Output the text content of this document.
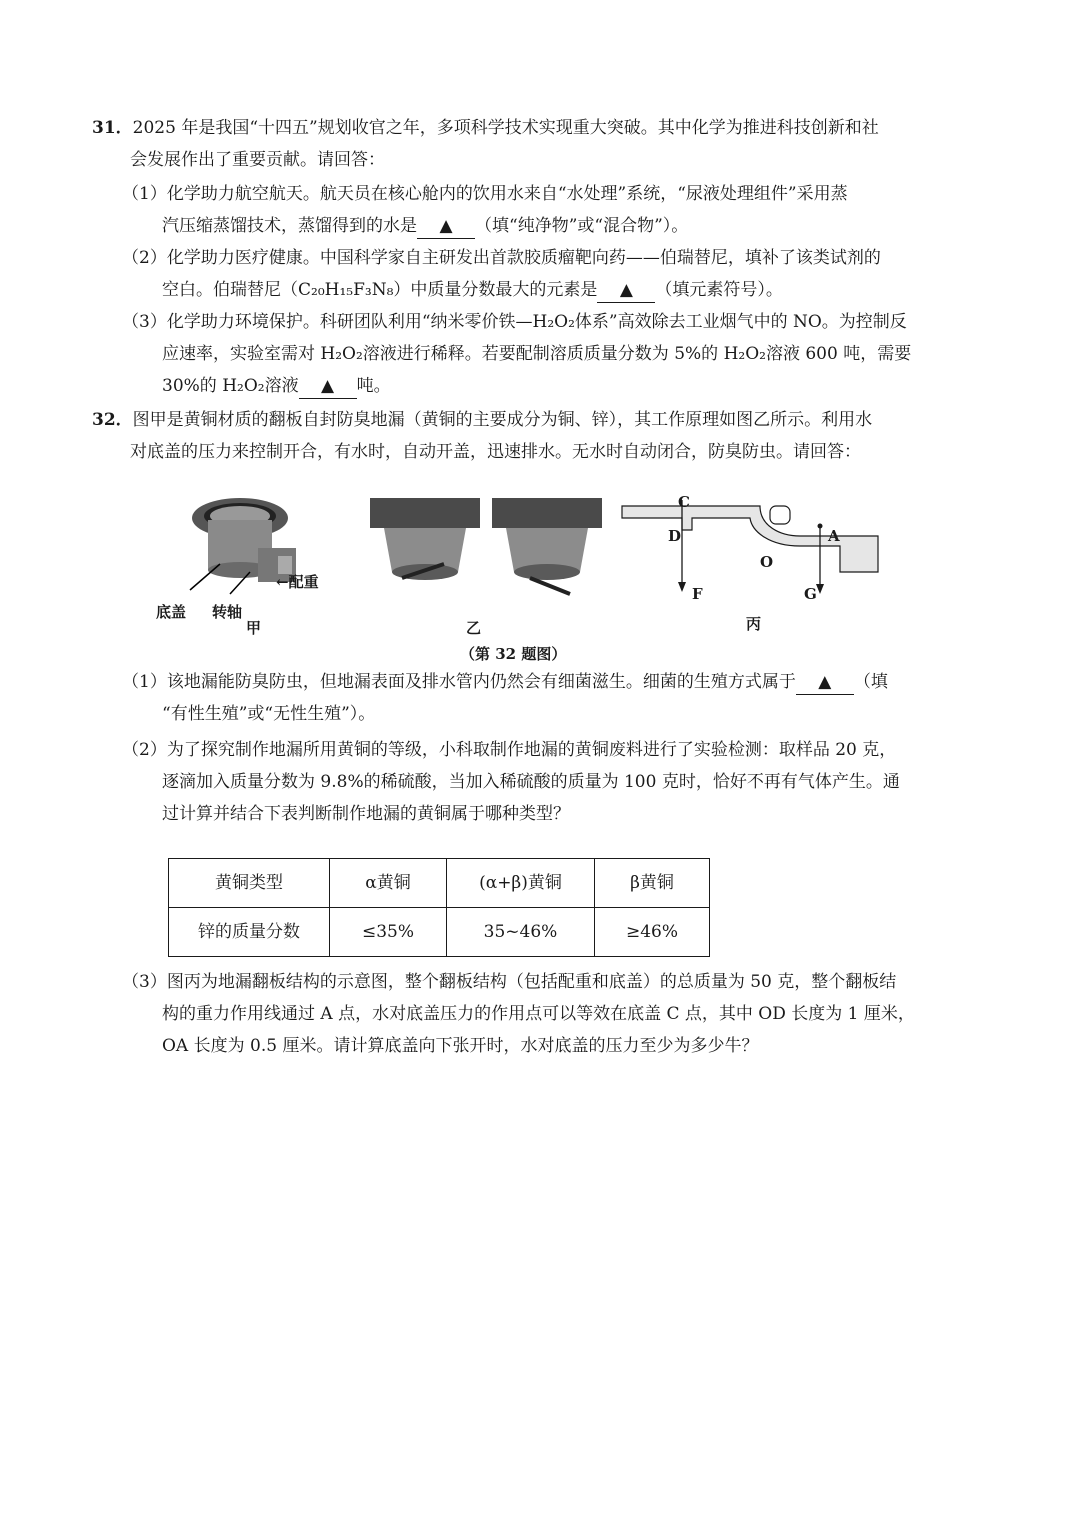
31．2025 年是我国“十四五”规划收官之年，多项科学技术实现重大突破。其中化学为推进科技创新和社

会发展作出了重要贡献。请回答：

（1）化学助力航空航天。航天员在核心舱内的饮用水来自“水处理”系统，“尿液处理组件”采用蒸
汽压缩蒸馏技术，蒸馏得到的水是 ▲ （填“纯净物”或“混合物”）。
（2）化学助力医疗健康。中国科学家自主研发出首款胶质瘤靶向药——伯瑞替尼，填补了该类试剂的
空白。伯瑞替尼（C₂₀H₁₅F₃N₈）中质量分数最大的元素是 ▲ （填元素符号）。
（3）化学助力环境保护。科研团队利用“纳米零价铁—H₂O₂体系”高效除去工业烟气中的 NO。为控制反
应速率，实验室需对 H₂O₂溶液进行稀释。若要配制溶质质量分数为 5%的 H₂O₂溶液 600 吨，需要
30%的 H₂O₂溶液 ▲ 吨。

32．图甲是黄铜材质的翻板自封防臭地漏（黄铜的主要成分为铜、锌），其工作原理如图乙所示。利用水

对底盖的压力来控制开合，有水时，自动开盖，迅速排水。无水时自动闭合，防臭防虫。请回答：

←配重
底盖 转轴
甲	乙
C
D
O
A
F	G
丙
（第 32 题图）
（1）该地漏能防臭防虫，但地漏表面及排水管内仍然会有细菌滋生。细菌的生殖方式属于 ▲ （填
“有性生殖”或“无性生殖”）。
（2）为了探究制作地漏所用黄铜的等级，小科取制作地漏的黄铜废料进行了实验检测：取样品 20 克，
逐滴加入质量分数为 9.8%的稀硫酸，当加入稀硫酸的质量为 100 克时，恰好不再有气体产生。通
过计算并结合下表判断制作地漏的黄铜属于哪种类型？
黄铜类型	α黄铜	(α+β)黄铜	β黄铜
锌的质量分数	≤35%	35~46%	≥46%
（3）图丙为地漏翻板结构的示意图，整个翻板结构（包括配重和底盖）的总质量为 50 克，整个翻板结
构的重力作用线通过 A 点，水对底盖压力的作用点可以等效在底盖 C 点，其中 OD 长度为 1 厘米，
OA 长度为 0.5 厘米。请计算底盖向下张开时，水对底盖的压力至少为多少牛？
